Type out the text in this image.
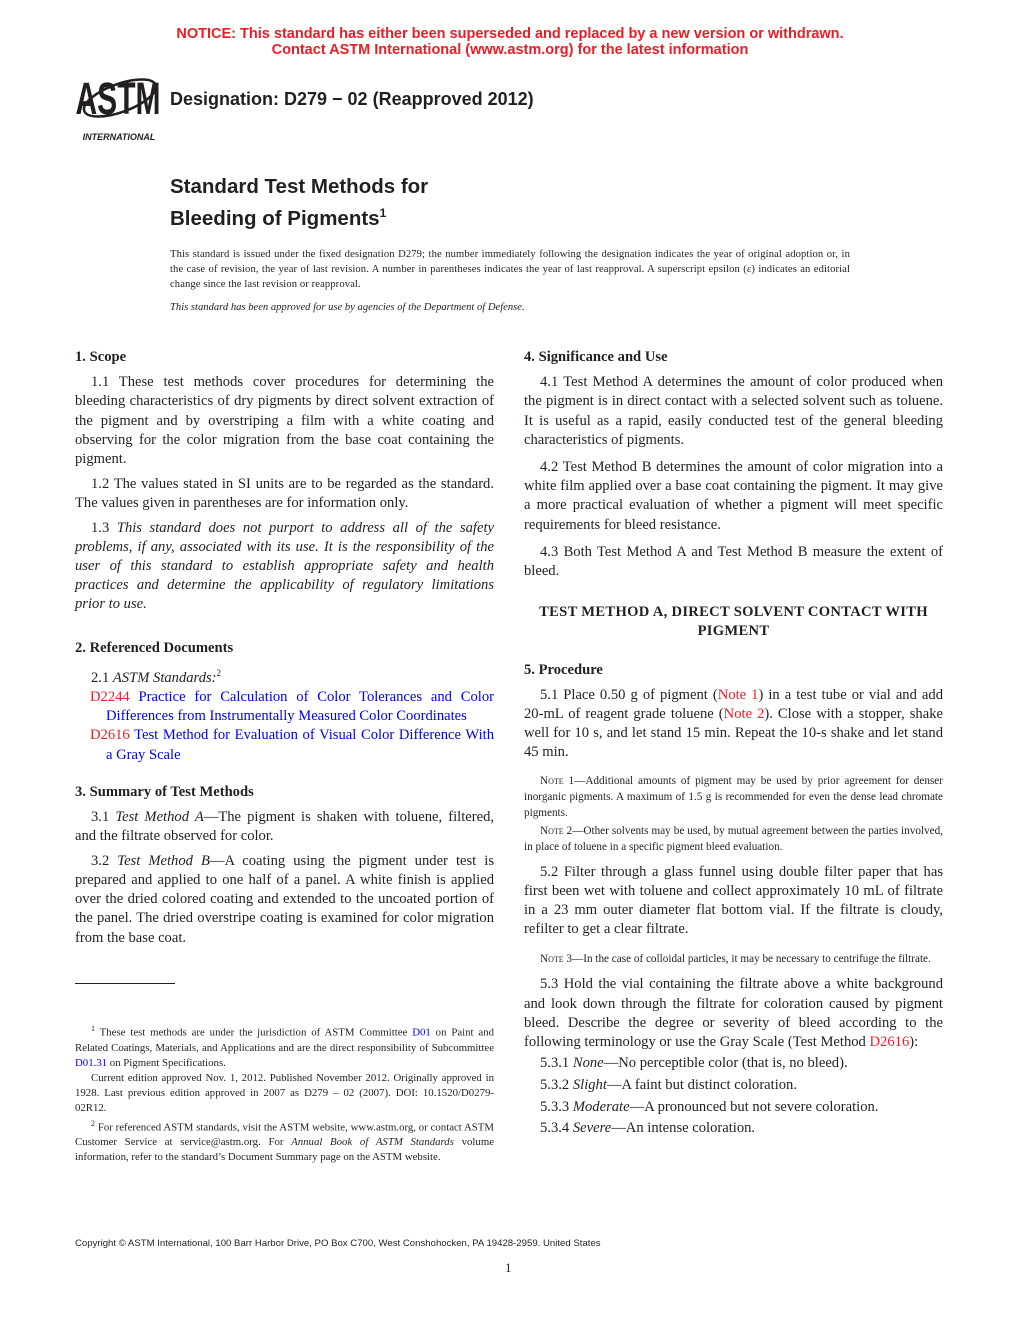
NOTICE: This standard has either been superseded and replaced by a new version or withdrawn.
Contact ASTM International (www.astm.org) for the latest information
ASTM
INTERNATIONAL
Designation: D279 − 02 (Reapproved 2012)
Standard Test Methods for
Bleeding of Pigments$^1$
This standard is issued under the fixed designation D279; the number immediately following the designation indicates the year of original adoption or, in the case of revision, the year of last revision. A number in parentheses indicates the year of last reapproval. A superscript epsilon (ε) indicates an editorial change since the last revision or reapproval.
This standard has been approved for use by agencies of the Department of Defense.
1. Scope

1.1 These test methods cover procedures for determining the bleeding characteristics of dry pigments by direct solvent extraction of the pigment and by overstriping a film with a white coating and observing for the color migration from the base coat containing the pigment.

1.2 The values stated in SI units are to be regarded as the standard. The values given in parentheses are for information only.

1.3 This standard does not purport to address all of the safety problems, if any, associated with its use. It is the responsibility of the user of this standard to establish appropriate safety and health practices and determine the applicability of regulatory limitations prior to use.

2. Referenced Documents

2.1 ASTM Standards:$^2$

D2244 Practice for Calculation of Color Tolerances and Color Differences from Instrumentally Measured Color Coordinates

D2616 Test Method for Evaluation of Visual Color Difference With a Gray Scale

3. Summary of Test Methods

3.1 Test Method A—The pigment is shaken with toluene, filtered, and the filtrate observed for color.

3.2 Test Method B—A coating using the pigment under test is prepared and applied to one half of a panel. A white finish is applied over the dried colored coating and extended to the uncoated portion of the panel. The dried overstripe coating is examined for color migration from the base coat.

$^1$ These test methods are under the jurisdiction of ASTM Committee D01 on Paint and Related Coatings, Materials, and Applications and are the direct responsibility of Subcommittee D01.31 on Pigment Specifications.

Current edition approved Nov. 1, 2012. Published November 2012. Originally approved in 1928. Last previous edition approved in 2007 as D279 – 02 (2007). DOI: 10.1520/D0279-02R12.

$^2$ For referenced ASTM standards, visit the ASTM website, www.astm.org, or contact ASTM Customer Service at service@astm.org. For Annual Book of ASTM Standards volume information, refer to the standard’s Document Summary page on the ASTM website.

4. Significance and Use

4.1 Test Method A determines the amount of color produced when the pigment is in direct contact with a selected solvent such as toluene. It is useful as a rapid, easily conducted test of the general bleeding characteristics of pigments.

4.2 Test Method B determines the amount of color migration into a white film applied over a base coat containing the pigment. It may give a more practical evaluation of whether a pigment will meet specific requirements for bleed resistance.

4.3 Both Test Method A and Test Method B measure the extent of bleed.

TEST METHOD A, DIRECT SOLVENT CONTACT WITH PIGMENT
5. Procedure

5.1 Place 0.50 g of pigment (Note 1) in a test tube or vial and add 20-mL of reagent grade toluene (Note 2). Close with a stopper, shake well for 10 s, and let stand 15 min. Repeat the 10-s shake and let stand 45 min.

Note 1—Additional amounts of pigment may be used by prior agreement for denser inorganic pigments. A maximum of 1.5 g is recommended for even the dense lead chromate pigments.

Note 2—Other solvents may be used, by mutual agreement between the parties involved, in place of toluene in a specific pigment bleed evaluation.

5.2 Filter through a glass funnel using double filter paper that has first been wet with toluene and collect approximately 10 mL of filtrate in a 23 mm outer diameter flat bottom vial. If the filtrate is cloudy, refilter to get a clear filtrate.

Note 3—In the case of colloidal particles, it may be necessary to centrifuge the filtrate.

5.3 Hold the vial containing the filtrate above a white background and look down through the filtrate for coloration caused by pigment bleed. Describe the degree or severity of bleed according to the following terminology or use the Gray Scale (Test Method D2616):

5.3.1 None—No perceptible color (that is, no bleed).
5.3.2 Slight—A faint but distinct coloration.
5.3.3 Moderate—A pronounced but not severe coloration.
5.3.4 Severe—An intense coloration.
Copyright © ASTM International, 100 Barr Harbor Drive, PO Box C700, West Conshohocken, PA 19428-2959. United States
1
